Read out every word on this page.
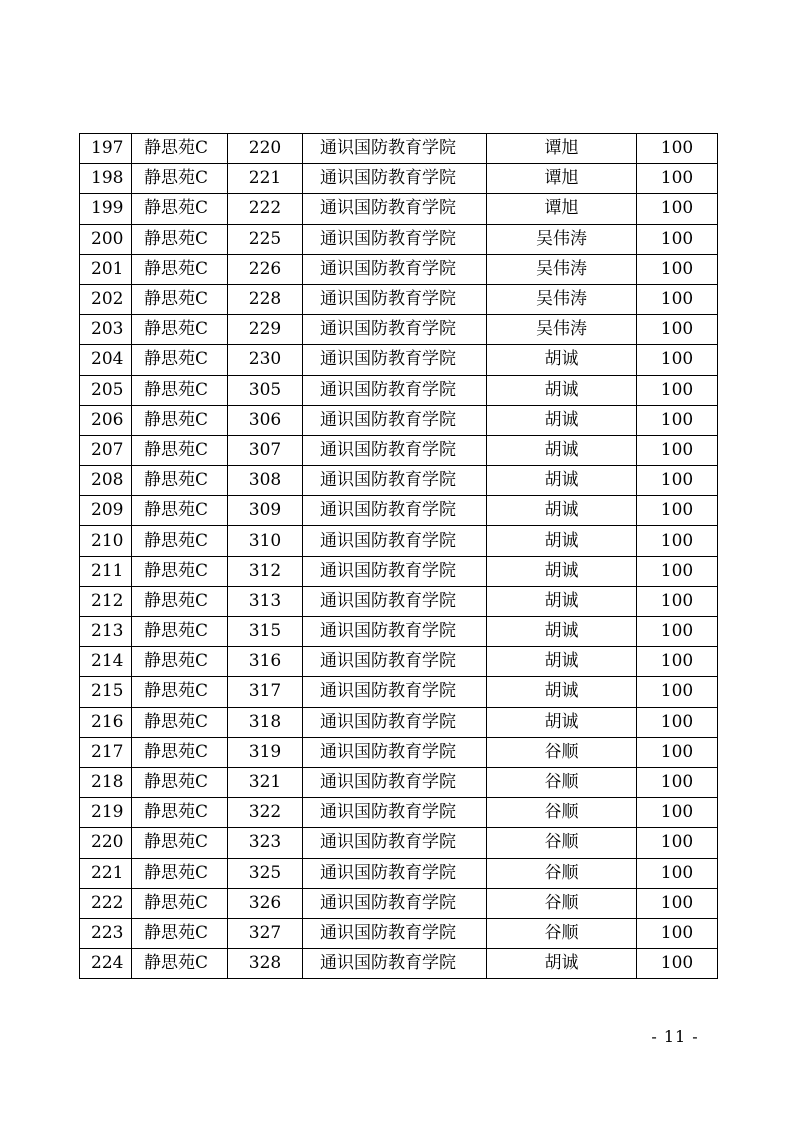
197	静思苑C	220	通识国防教育学院	谭旭	100
198	静思苑C	221	通识国防教育学院	谭旭	100
199	静思苑C	222	通识国防教育学院	谭旭	100
200	静思苑C	225	通识国防教育学院	吴伟涛	100
201	静思苑C	226	通识国防教育学院	吴伟涛	100
202	静思苑C	228	通识国防教育学院	吴伟涛	100
203	静思苑C	229	通识国防教育学院	吴伟涛	100
204	静思苑C	230	通识国防教育学院	胡诚	100
205	静思苑C	305	通识国防教育学院	胡诚	100
206	静思苑C	306	通识国防教育学院	胡诚	100
207	静思苑C	307	通识国防教育学院	胡诚	100
208	静思苑C	308	通识国防教育学院	胡诚	100
209	静思苑C	309	通识国防教育学院	胡诚	100
210	静思苑C	310	通识国防教育学院	胡诚	100
211	静思苑C	312	通识国防教育学院	胡诚	100
212	静思苑C	313	通识国防教育学院	胡诚	100
213	静思苑C	315	通识国防教育学院	胡诚	100
214	静思苑C	316	通识国防教育学院	胡诚	100
215	静思苑C	317	通识国防教育学院	胡诚	100
216	静思苑C	318	通识国防教育学院	胡诚	100
217	静思苑C	319	通识国防教育学院	谷顺	100
218	静思苑C	321	通识国防教育学院	谷顺	100
219	静思苑C	322	通识国防教育学院	谷顺	100
220	静思苑C	323	通识国防教育学院	谷顺	100
221	静思苑C	325	通识国防教育学院	谷顺	100
222	静思苑C	326	通识国防教育学院	谷顺	100
223	静思苑C	327	通识国防教育学院	谷顺	100
224	静思苑C	328	通识国防教育学院	胡诚	100
- 11 -
